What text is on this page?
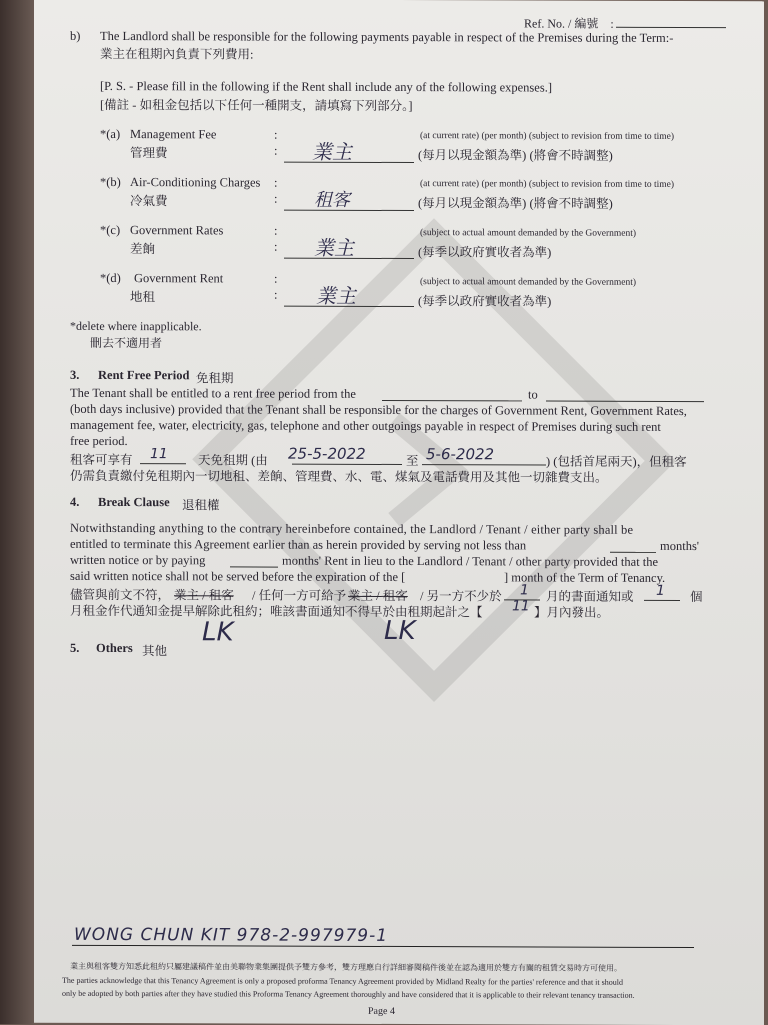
Ref. No. / 編號　:
b) The Landlord shall be responsible for the following payments payable in respect of the Premises during the Term:-
業主在租期內負責下列費用:
[P. S. - Please fill in the following if the Rent shall include any of the following expenses.]
[備註 - 如租金包括以下任何一種開支，請填寫下列部分。]
*(a) Management Fee
管理費
:
: 業主
(at current rate) (per month) (subject to revision from time to time)
(每月以現金額為準) (將會不時調整)
*(b) Air-Conditioning Charges
冷氣費
:
: 租客
(at current rate) (per month) (subject to revision from time to time)
(每月以現金額為準) (將會不時調整)
*(c) Government Rates
差餉
:
: 業主
(subject to actual amount demanded by the Government)
(每季以政府實收者為準)
*(d) Government Rent
地租
:
: 業主
(subject to actual amount demanded by the Government)
(每季以政府實收者為準)
*delete where inapplicable.
刪去不適用者
3. Rent Free Period 免租期
The Tenant shall be entitled to a rent free period from the	to
(both days inclusive) provided that the Tenant shall be responsible for the charges of Government Rent, Government Rates,
management fee, water, electricity, gas, telephone and other outgoings payable in respect of Premises during such rent
free period.
租客可享有 11 天免租期 (由 25-5-2022	至 5-6-2022	) (包括首尾兩天)，但租客
仍需負責繳付免租期內一切地租、差餉、管理費、水、電、煤氣及電話費用及其他一切雜費支出。
4. Break Clause 退租權
Notwithstanding anything to the contrary hereinbefore contained, the Landlord / Tenant / either party shall be
entitled to terminate this Agreement earlier than as herein provided by serving not less than	months'
written notice or by paying	months' Rent in lieu to the Landlord / Tenant / other party provided that the
said written notice shall not be served before the expiration of the [	] month of the Term of Tenancy.
儘管與前文不符， 業主 / 租客 / 任何一方可給予 業主 / 租客 / 另一方不少於 1 月的書面通知或 1 個
月租金作代通知金提早解除此租約；唯該書面通知不得早於由租期起計之【 11 】月內發出。
LK	LK
5. Others 其他
WONG CHUN KIT 978-2-997979-1
業主與租客雙方知悉此租約只屬建議稿件並由美聯物業集團提供予雙方參考，雙方理應自行詳細審閱稿件後並在認為適用於雙方有關的租賃交易時方可使用。
The parties acknowledge that this Tenancy Agreement is only a proposed proforma Tenancy Agreement provided by Midland Realty for the parties' reference and that it should
only be adopted by both parties after they have studied this Proforma Tenancy Agreement thoroughly and have considered that it is applicable to their relevant tenancy transaction.
Page 4
